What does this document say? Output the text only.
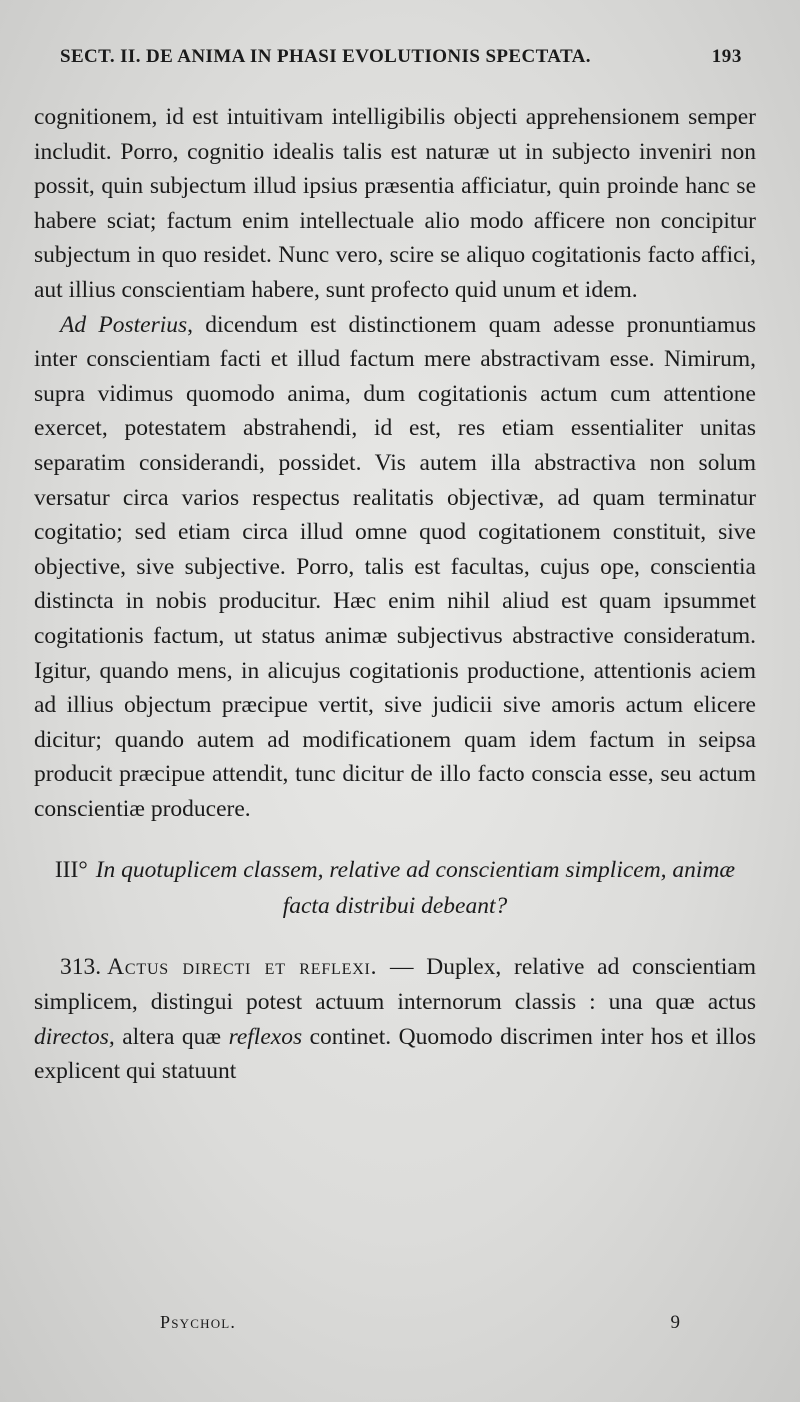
SECT. II. DE ANIMA IN PHASI EVOLUTIONIS SPECTATA.	193

cognitionem, id est intuitivam intelligibilis objecti apprehensionem semper includit. Porro, cognitio idealis talis est naturæ ut in subjecto inveniri non possit, quin subjectum illud ipsius præsentia afficiatur, quin proinde hanc se habere sciat; factum enim intellectuale alio modo afficere non concipitur subjectum in quo residet. Nunc vero, scire se aliquo cogitationis facto affici, aut illius conscientiam habere, sunt profecto quid unum et idem.

Ad Posterius, dicendum est distinctionem quam adesse pronuntiamus inter conscientiam facti et illud factum mere abstractivam esse. Nimirum, supra vidimus quomodo anima, dum cogitationis actum cum attentione exercet, potestatem abstrahendi, id est, res etiam essentialiter unitas separatim considerandi, possidet. Vis autem illa abstractiva non solum versatur circa varios respectus realitatis objectivæ, ad quam terminatur cogitatio; sed etiam circa illud omne quod cogitationem constituit, sive objective, sive subjective. Porro, talis est facultas, cujus ope, conscientia distincta in nobis producitur. Hæc enim nihil aliud est quam ipsummet cogitationis factum, ut status animæ subjectivus abstractive consideratum. Igitur, quando mens, in alicujus cogitationis productione, attentionis aciem ad illius objectum præcipue vertit, sive judicii sive amoris actum elicere dicitur; quando autem ad modificationem quam idem factum in seipsa producit præcipue attendit, tunc dicitur de illo facto conscia esse, seu actum conscientiæ producere.

III° In quotuplicem classem, relative ad conscientiam simplicem, animæ facta distribui debeant?

313. Actus directi et reflexi. — Duplex, relative ad conscientiam simplicem, distingui potest actuum internorum classis : una quæ actus directos, altera quæ reflexos continet. Quomodo discrimen inter hos et illos explicent qui statuunt

Psychol.	9
